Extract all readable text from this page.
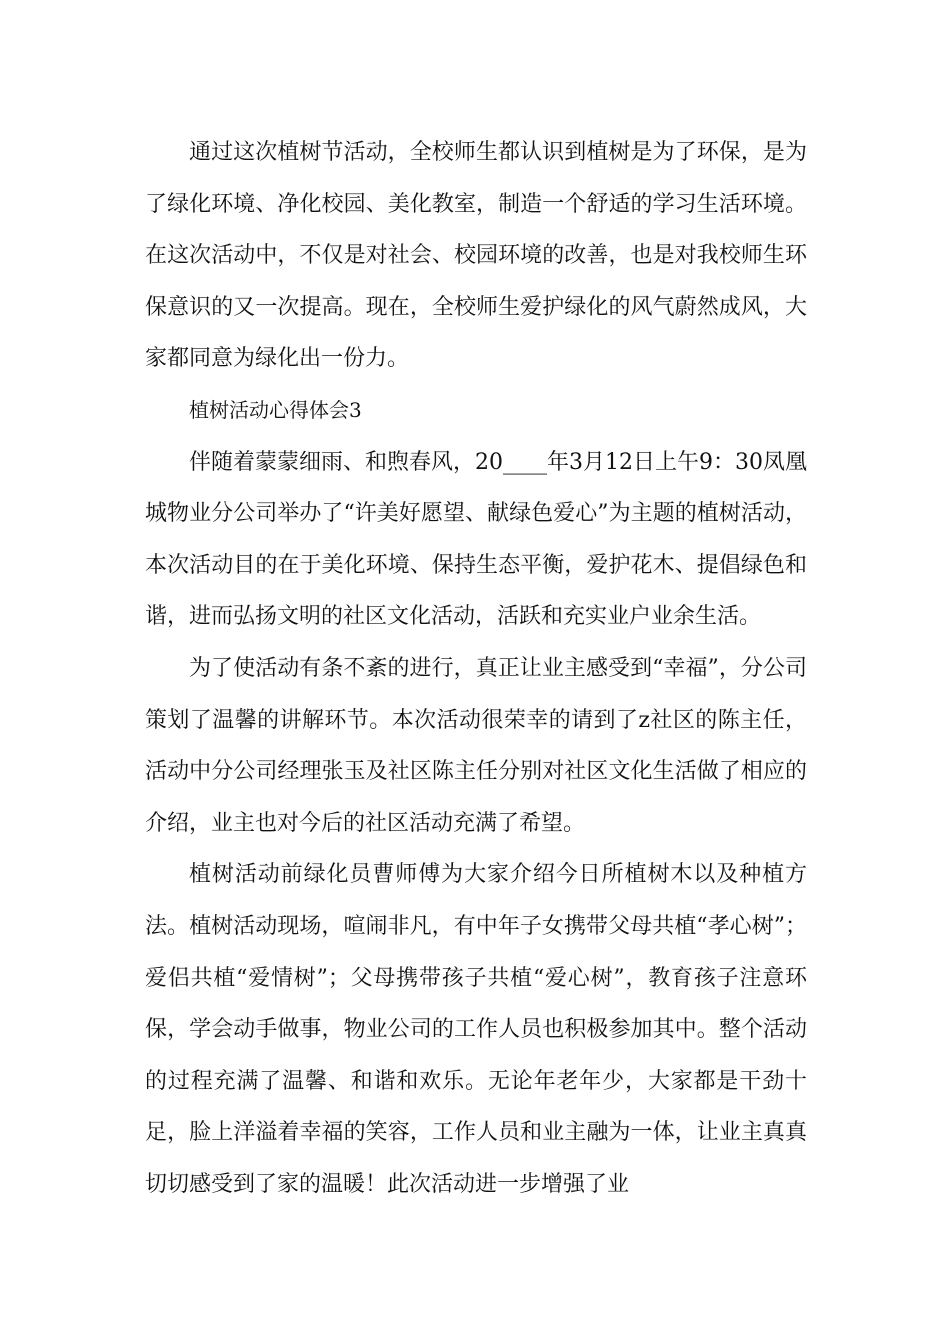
通过这次植树节活动，全校师生都认识到植树是为了环保，是为了绿化环境、净化校园、美化教室，制造一个舒适的学习生活环境。在这次活动中，不仅是对社会、校园环境的改善，也是对我校师生环保意识的又一次提高。现在，全校师生爱护绿化的风气蔚然成风，大家都同意为绿化出一份力。

植树活动心得体会3

伴随着蒙蒙细雨、和煦春风，20____年3月12日上午9：30凤凰城物业分公司举办了“许美好愿望、献绿色爱心”为主题的植树活动，本次活动目的在于美化环境、保持生态平衡，爱护花木、提倡绿色和谐，进而弘扬文明的社区文化活动，活跃和充实业户业余生活。

为了使活动有条不紊的进行，真正让业主感受到“幸福”，分公司策划了温馨的讲解环节。本次活动很荣幸的请到了z社区的陈主任，活动中分公司经理张玉及社区陈主任分别对社区文化生活做了相应的介绍，业主也对今后的社区活动充满了希望。

植树活动前绿化员曹师傅为大家介绍今日所植树木以及种植方法。植树活动现场，喧闹非凡，有中年子女携带父母共植“孝心树”；爱侣共植“爱情树”；父母携带孩子共植“爱心树”，教育孩子注意环保，学会动手做事，物业公司的工作人员也积极参加其中。整个活动的过程充满了温馨、和谐和欢乐。无论年老年少，大家都是干劲十足，脸上洋溢着幸福的笑容，工作人员和业主融为一体，让业主真真切切感受到了家的温暖！此次活动进一步增强了业
